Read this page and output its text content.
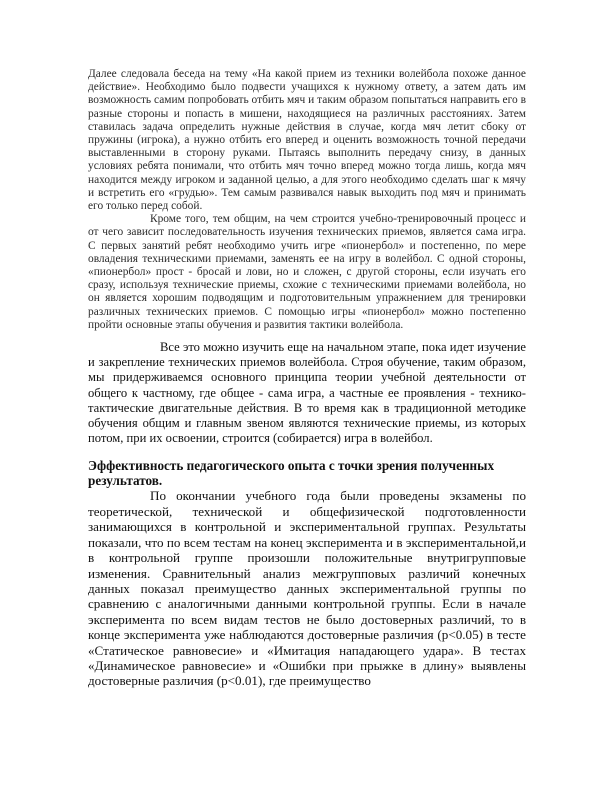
Далее следовала беседа на тему «На какой прием из техники волейбола похоже данное действие». Необходимо было подвести учащихся к нужному ответу, а затем дать им возможность самим попробовать отбить мяч и таким образом попытаться направить его в разные стороны и попасть в мишени, находящиеся на различных расстояниях. Затем ставилась задача определить нужные действия в случае, когда мяч летит сбоку от пружины (игрока), а нужно отбить его вперед и оценить возможность точной передачи выставленными в сторону руками. Пытаясь выполнить передачу снизу, в данных условиях ребята понимали, что отбить мяч точно вперед можно тогда лишь, когда мяч находится между игроком и заданной целью, а для этого необходимо сделать шаг к мячу и встретить его «грудью». Тем самым развивался навык выходить под мяч и принимать его только перед собой.

Кроме того, тем общим, на чем строится учебно-тренировочный процесс и от чего зависит последовательность изучения технических приемов, является сама игра. С первых занятий ребят необходимо учить игре «пионербол» и постепенно, по мере овладения техническими приемами, заменять ее на игру в волейбол. С одной стороны, «пионербол» прост - бросай и лови, но и сложен, с другой стороны, если изучать его сразу, используя технические приемы, схожие с техническими приемами волейбола, но он является хорошим подводящим и подготовительным упражнением для тренировки различных технических приемов. С помощью игры «пионербол» можно постепенно пройти основные этапы обучения и развития тактики волейбола.

Все это можно изучить еще на начальном этапе, пока идет изучение и закрепление технических приемов волейбола. Строя обучение, таким образом, мы придерживаемся основного принципа теории учебной деятельности от общего к частному, где общее - сама игра, а частные ее проявления - технико-тактические двигательные действия. В то время как в традиционной методике обучения общим и главным звеном являются технические приемы, из которых потом, при их освоении, строится (собирается) игра в волейбол.

Эффективность педагогического опыта с точки зрения полученных результатов.

По окончании учебного года были проведены экзамены по теоретической, технической и общефизической подготовленности занимающихся в контрольной и экспериментальной группах. Результаты показали, что по всем тестам на конец эксперимента и в экспериментальной,и в контрольной группе произошли положительные внутригрупповые изменения. Сравнительный анализ межгрупповых различий конечных данных показал преимущество данных экспериментальной группы по сравнению с аналогичными данными контрольной группы. Если в начале эксперимента по всем видам тестов не было достоверных различий, то в конце эксперимента уже наблюдаются достоверные различия (р<0.05) в тесте «Статическое равновесие» и «Имитация нападающего удара». В тестах «Динамическое равновесие» и «Ошибки при прыжке в длину» выявлены достоверные различия (р<0.01), где преимущество
